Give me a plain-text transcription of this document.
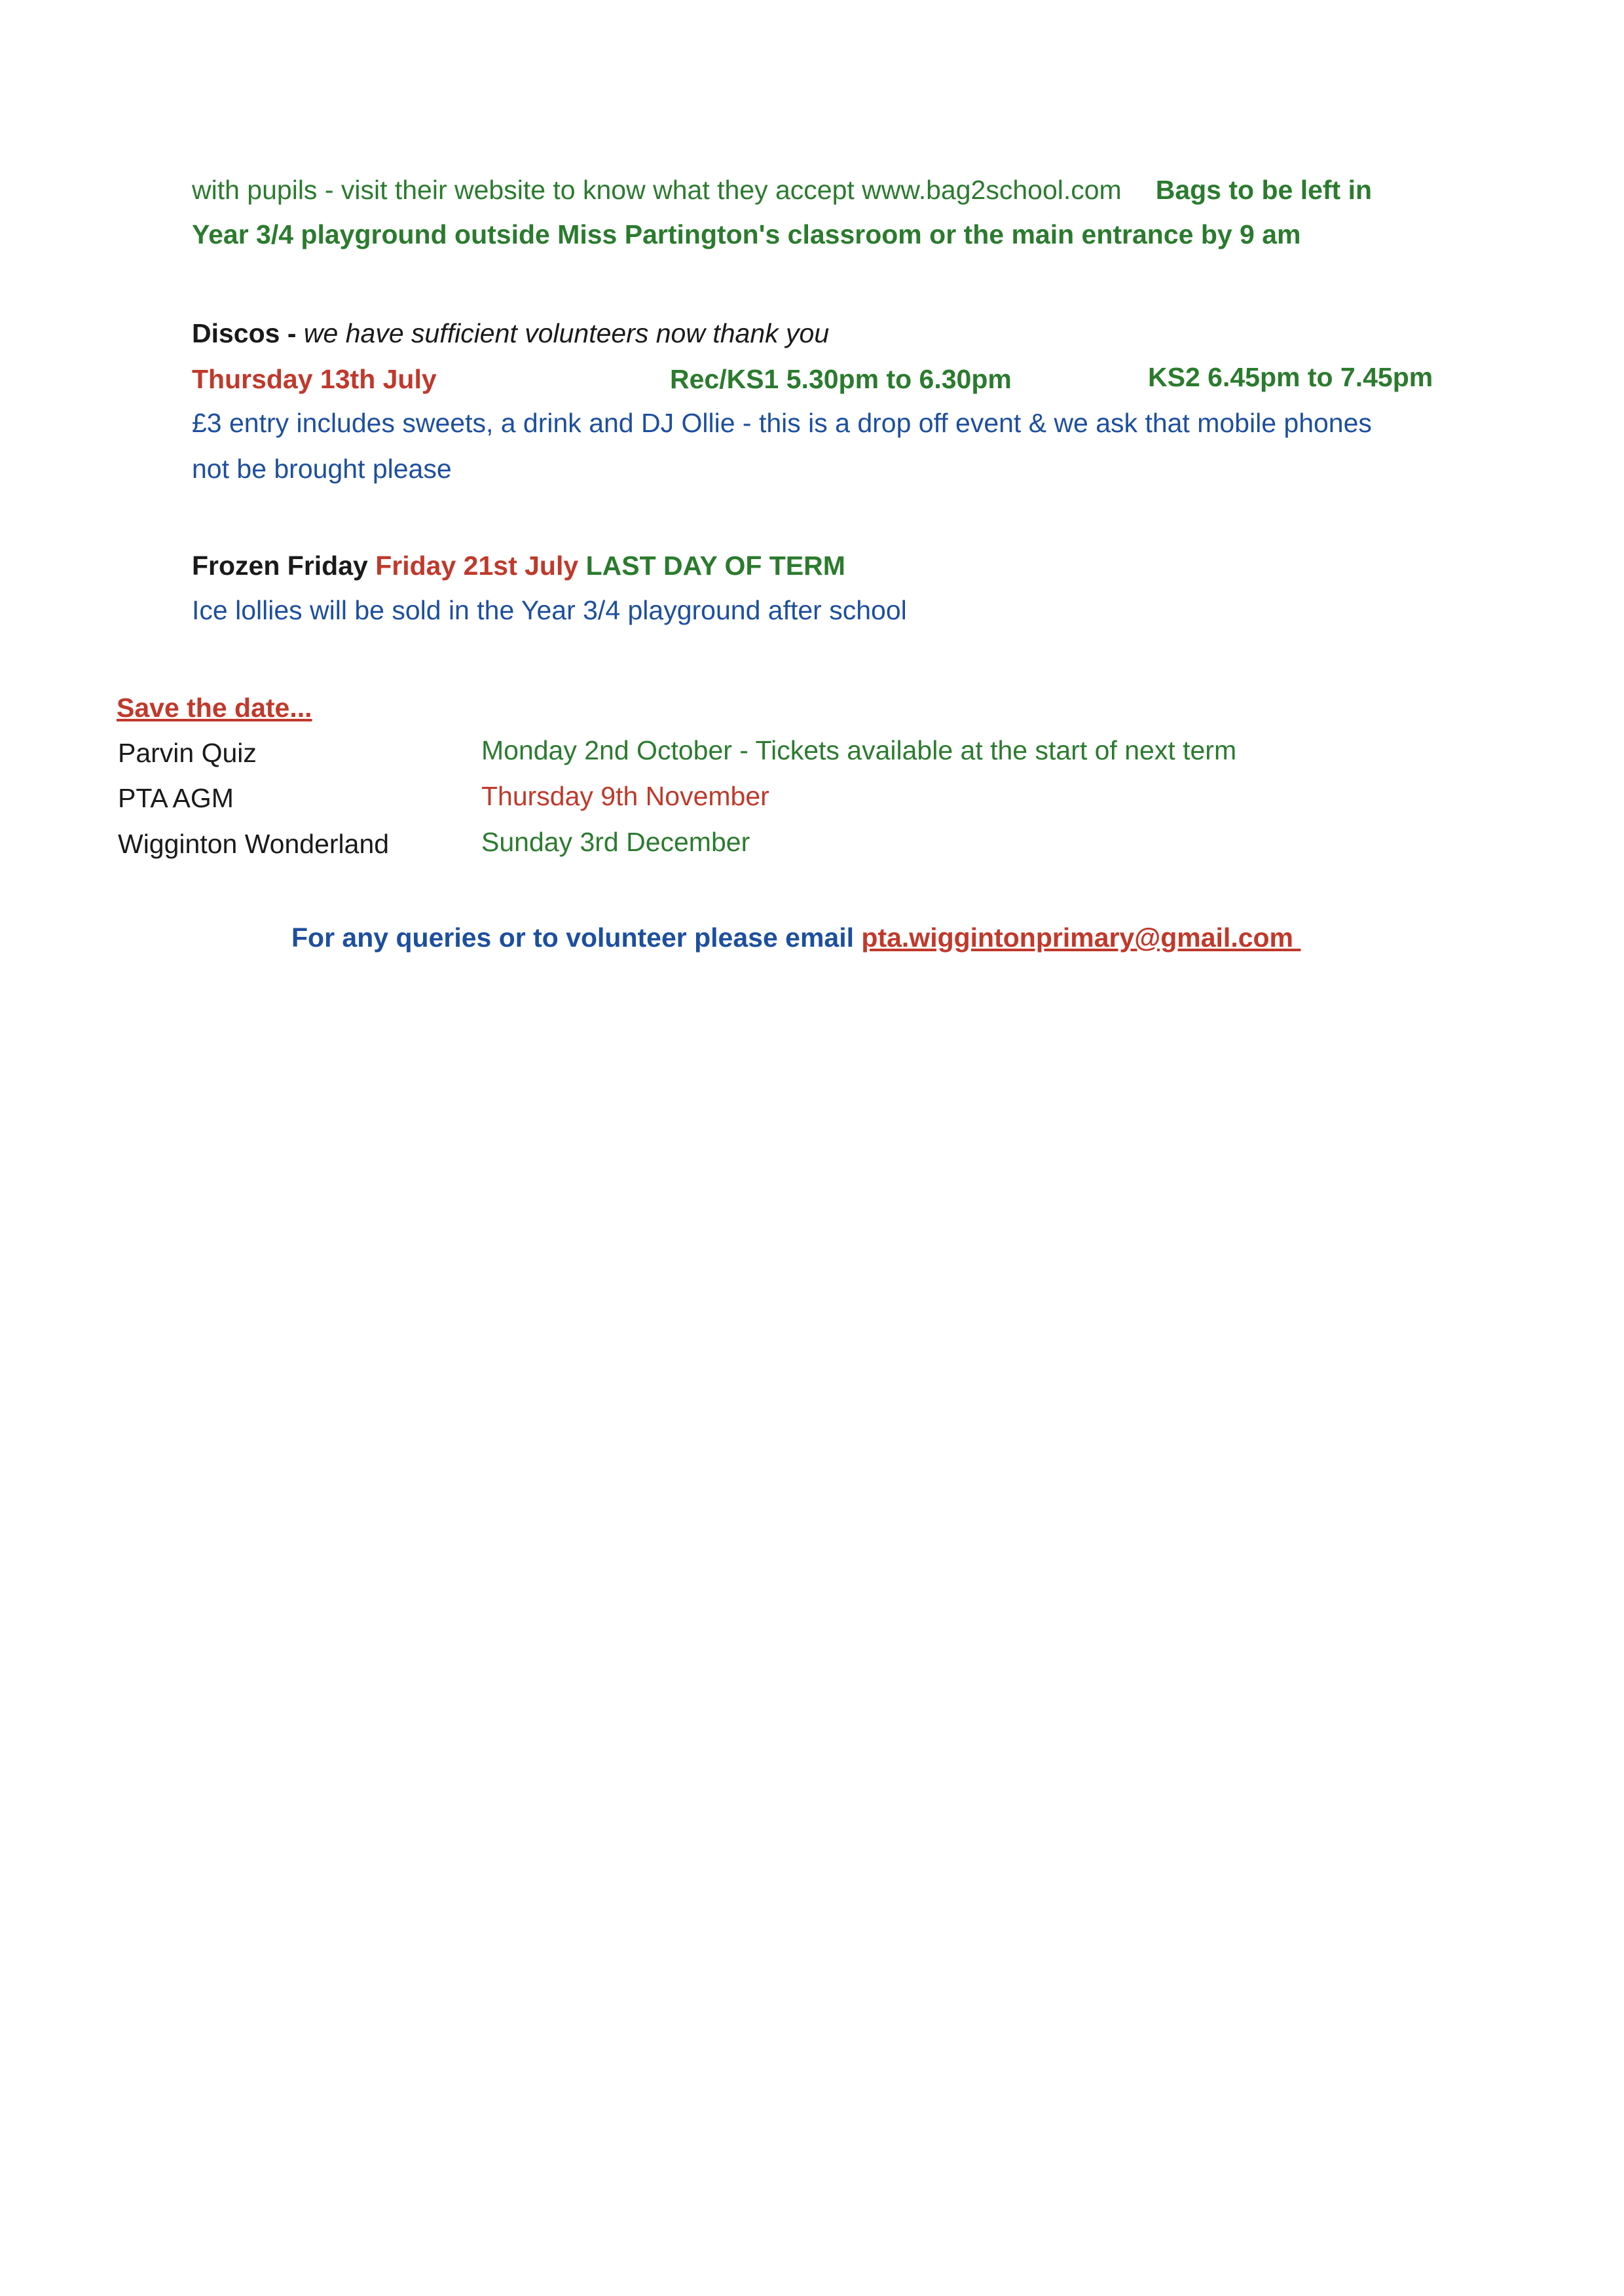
with pupils - visit their website to know what they accept www.bag2school.com Bags to be left in
Year 3/4 playground outside Miss Partington's classroom or the main entrance by 9 am
Discos - we have sufficient volunteers now thank you
Thursday 13th July	Rec/KS1 5.30pm to 6.30pm	KS2 6.45pm to 7.45pm
£3 entry includes sweets, a drink and DJ Ollie - this is a drop off event & we ask that mobile phones
not be brought please
Frozen Friday Friday 21st July LAST DAY OF TERM
Ice lollies will be sold in the Year 3/4 playground after school
Save the date...
Parvin Quiz	Monday 2nd October - Tickets available at the start of next term
PTA AGM	Thursday 9th November
Wigginton Wonderland	Sunday 3rd December
For any queries or to volunteer please email pta.wiggintonprimary@gmail.com
